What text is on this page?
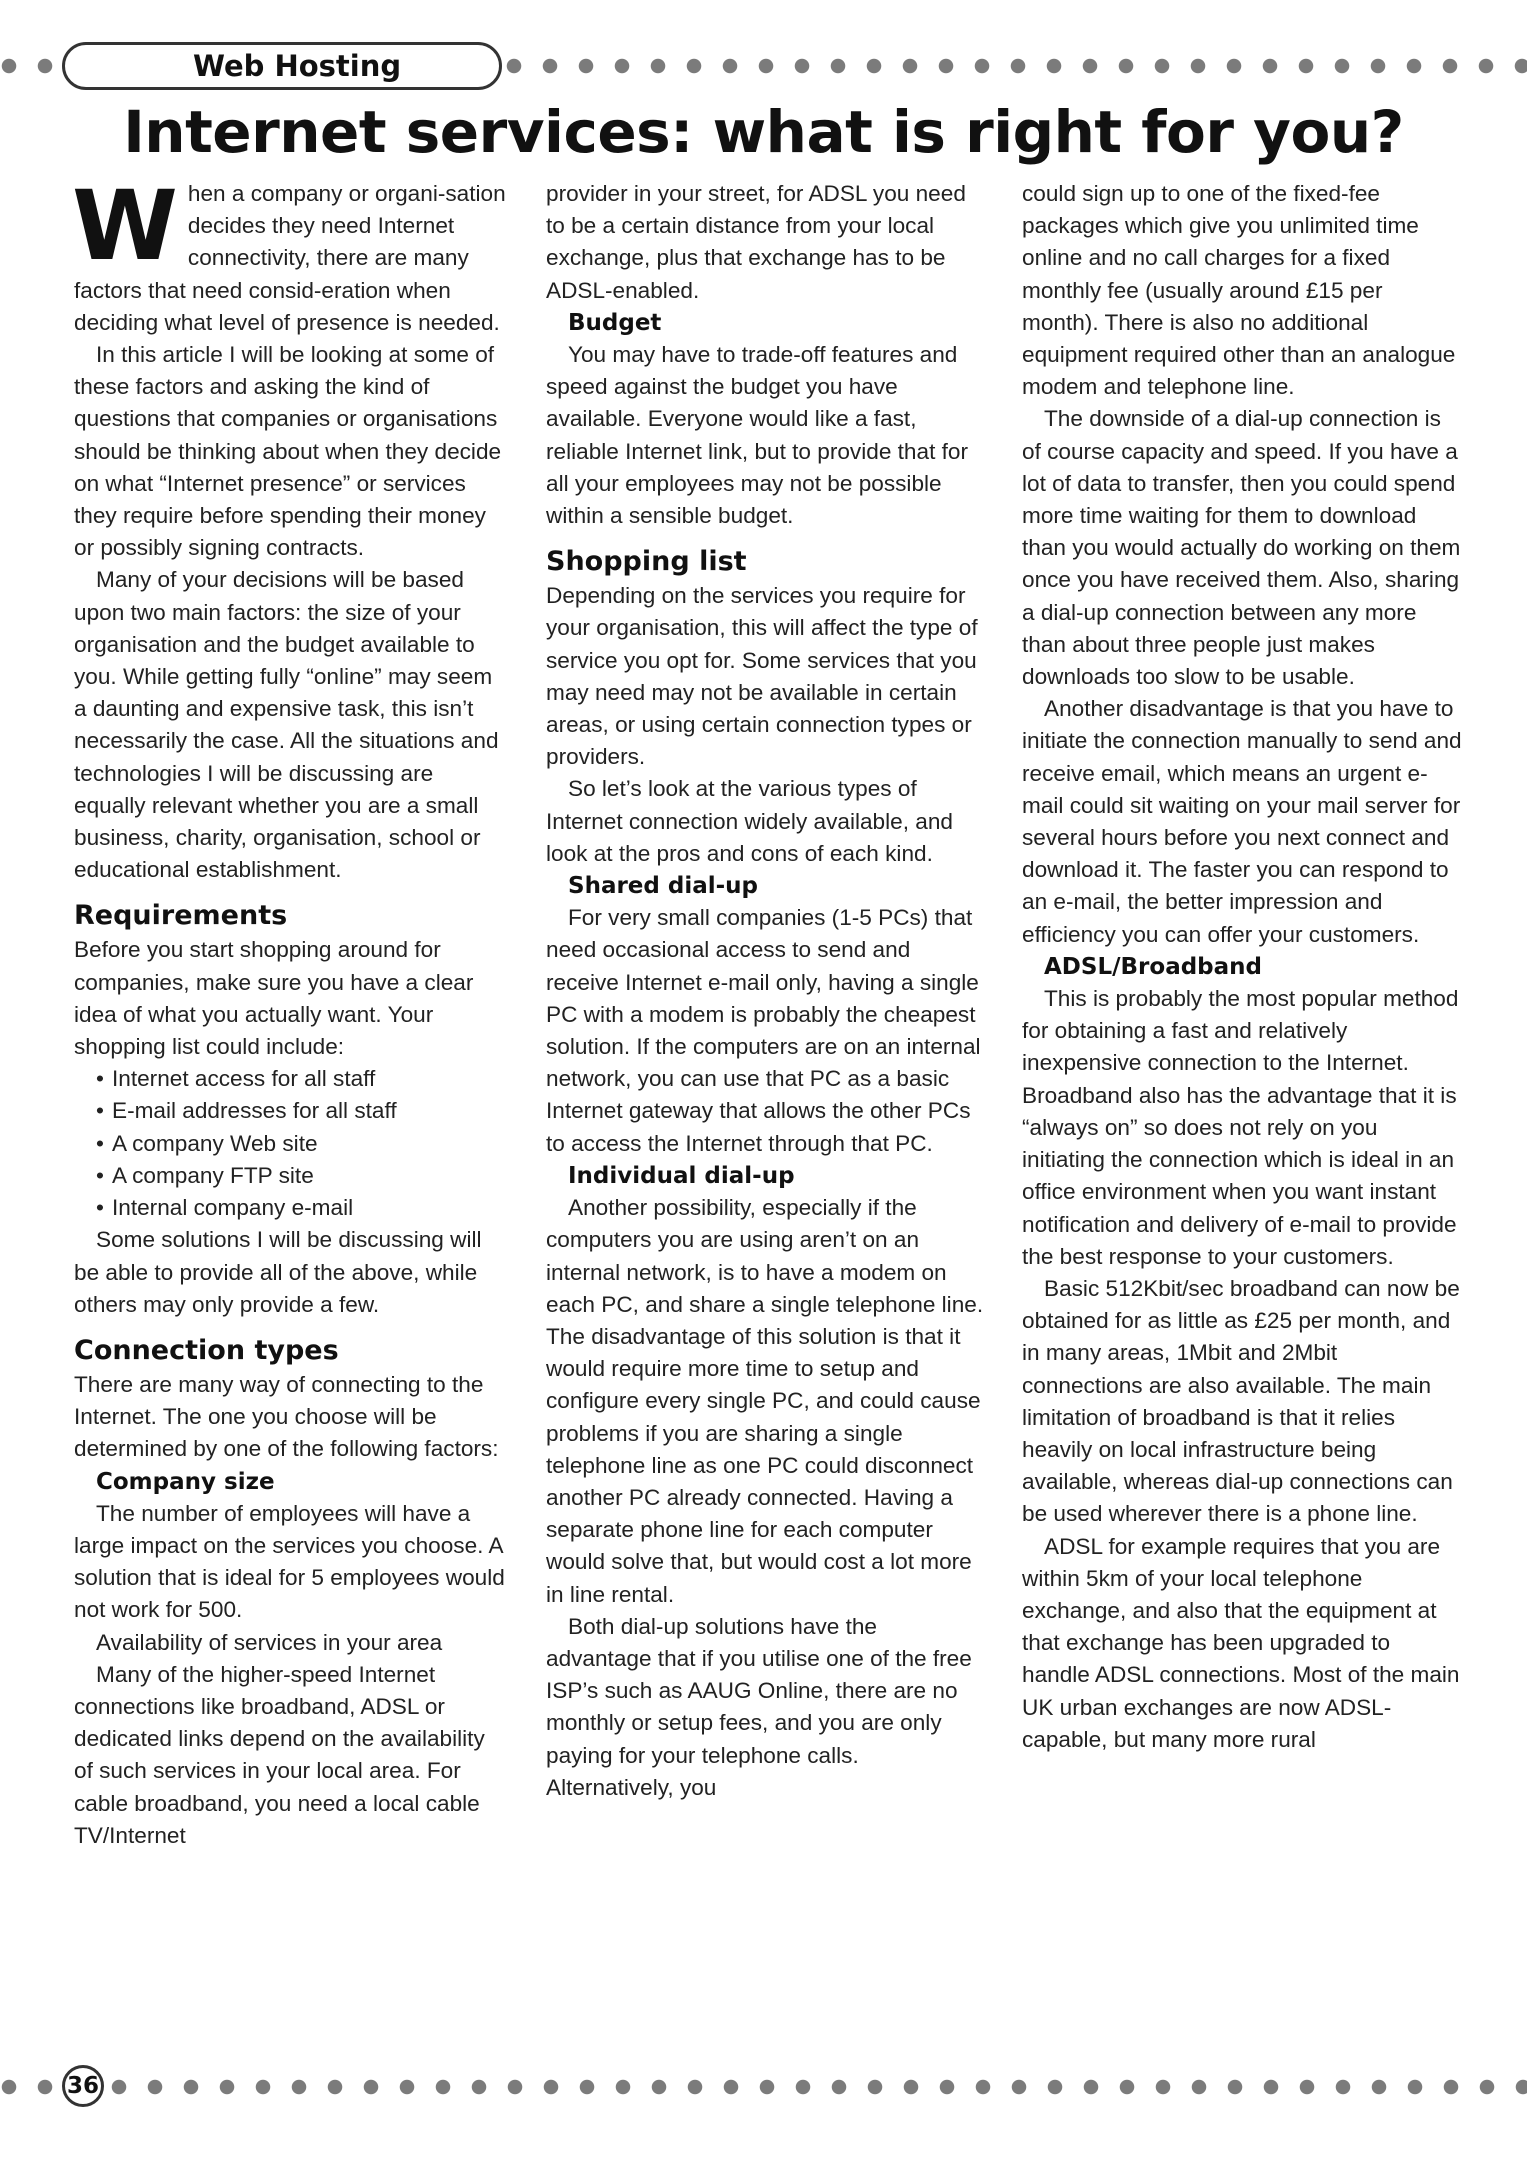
Web Hosting
Internet services: what is right for you?

When a company or organi-sation decides they need Internet connectivity, there are many factors that need consid-eration when deciding what level of presence is needed.

In this article I will be looking at some of these factors and asking the kind of questions that companies or organisations should be thinking about when they decide on what “Internet presence” or services they require before spending their money or possibly signing contracts.

Many of your decisions will be based upon two main factors: the size of your organisation and the budget available to you. While getting fully “online” may seem a daunting and expensive task, this isn’t necessarily the case. All the situations and technologies I will be discussing are equally relevant whether you are a small business, charity, organisation, school or educational establishment.

Requirements

Before you start shopping around for companies, make sure you have a clear idea of what you actually want. Your shopping list could include:

• Internet access for all staff
• E-mail addresses for all staff
• A company Web site
• A company FTP site
• Internal company e-mail

Some solutions I will be discussing will be able to provide all of the above, while others may only provide a few.

Connection types

There are many way of connecting to the Internet. The one you choose will be determined by one of the following factors:

Company size

The number of employees will have a large impact on the services you choose. A solution that is ideal for 5 employees would not work for 500.

Availability of services in your area

Many of the higher-speed Internet connections like broadband, ADSL or dedicated links depend on the availability of such services in your local area. For cable broadband, you need a local cable TV/Internet

provider in your street, for ADSL you need to be a certain distance from your local exchange, plus that exchange has to be ADSL-enabled.

Budget

You may have to trade-off features and speed against the budget you have available. Everyone would like a fast, reliable Internet link, but to provide that for all your employees may not be possible within a sensible budget.

Shopping list

Depending on the services you require for your organisation, this will affect the type of service you opt for. Some services that you may need may not be available in certain areas, or using certain connection types or providers.

So let’s look at the various types of Internet connection widely available, and look at the pros and cons of each kind.

Shared dial-up

For very small companies (1-5 PCs) that need occasional access to send and receive Internet e-mail only, having a single PC with a modem is probably the cheapest solution. If the computers are on an internal network, you can use that PC as a basic Internet gateway that allows the other PCs to access the Internet through that PC.

Individual dial-up

Another possibility, especially if the computers you are using aren’t on an internal network, is to have a modem on each PC, and share a single telephone line. The disadvantage of this solution is that it would require more time to setup and configure every single PC, and could cause problems if you are sharing a single telephone line as one PC could disconnect another PC already connected. Having a separate phone line for each computer would solve that, but would cost a lot more in line rental.

Both dial-up solutions have the advantage that if you utilise one of the free ISP’s such as AAUG Online, there are no monthly or setup fees, and you are only paying for your telephone calls. Alternatively, you

could sign up to one of the fixed-fee packages which give you unlimited time online and no call charges for a fixed monthly fee (usually around £15 per month). There is also no additional equipment required other than an analogue modem and telephone line.

The downside of a dial-up connection is of course capacity and speed. If you have a lot of data to transfer, then you could spend more time waiting for them to download than you would actually do working on them once you have received them. Also, sharing a dial-up connection between any more than about three people just makes downloads too slow to be usable.

Another disadvantage is that you have to initiate the connection manually to send and receive email, which means an urgent e-mail could sit waiting on your mail server for several hours before you next connect and download it. The faster you can respond to an e-mail, the better impression and efficiency you can offer your customers.

ADSL/Broadband

This is probably the most popular method for obtaining a fast and relatively inexpensive connection to the Internet. Broadband also has the advantage that it is “always on” so does not rely on you initiating the connection which is ideal in an office environment when you want instant notification and delivery of e-mail to provide the best response to your customers.

Basic 512Kbit/sec broadband can now be obtained for as little as £25 per month, and in many areas, 1Mbit and 2Mbit connections are also available. The main limitation of broadband is that it relies heavily on local infrastructure being available, whereas dial-up connections can be used wherever there is a phone line.

ADSL for example requires that you are within 5km of your local telephone exchange, and also that the equipment at that exchange has been upgraded to handle ADSL connections. Most of the main UK urban exchanges are now ADSL-capable, but many more rural

36
